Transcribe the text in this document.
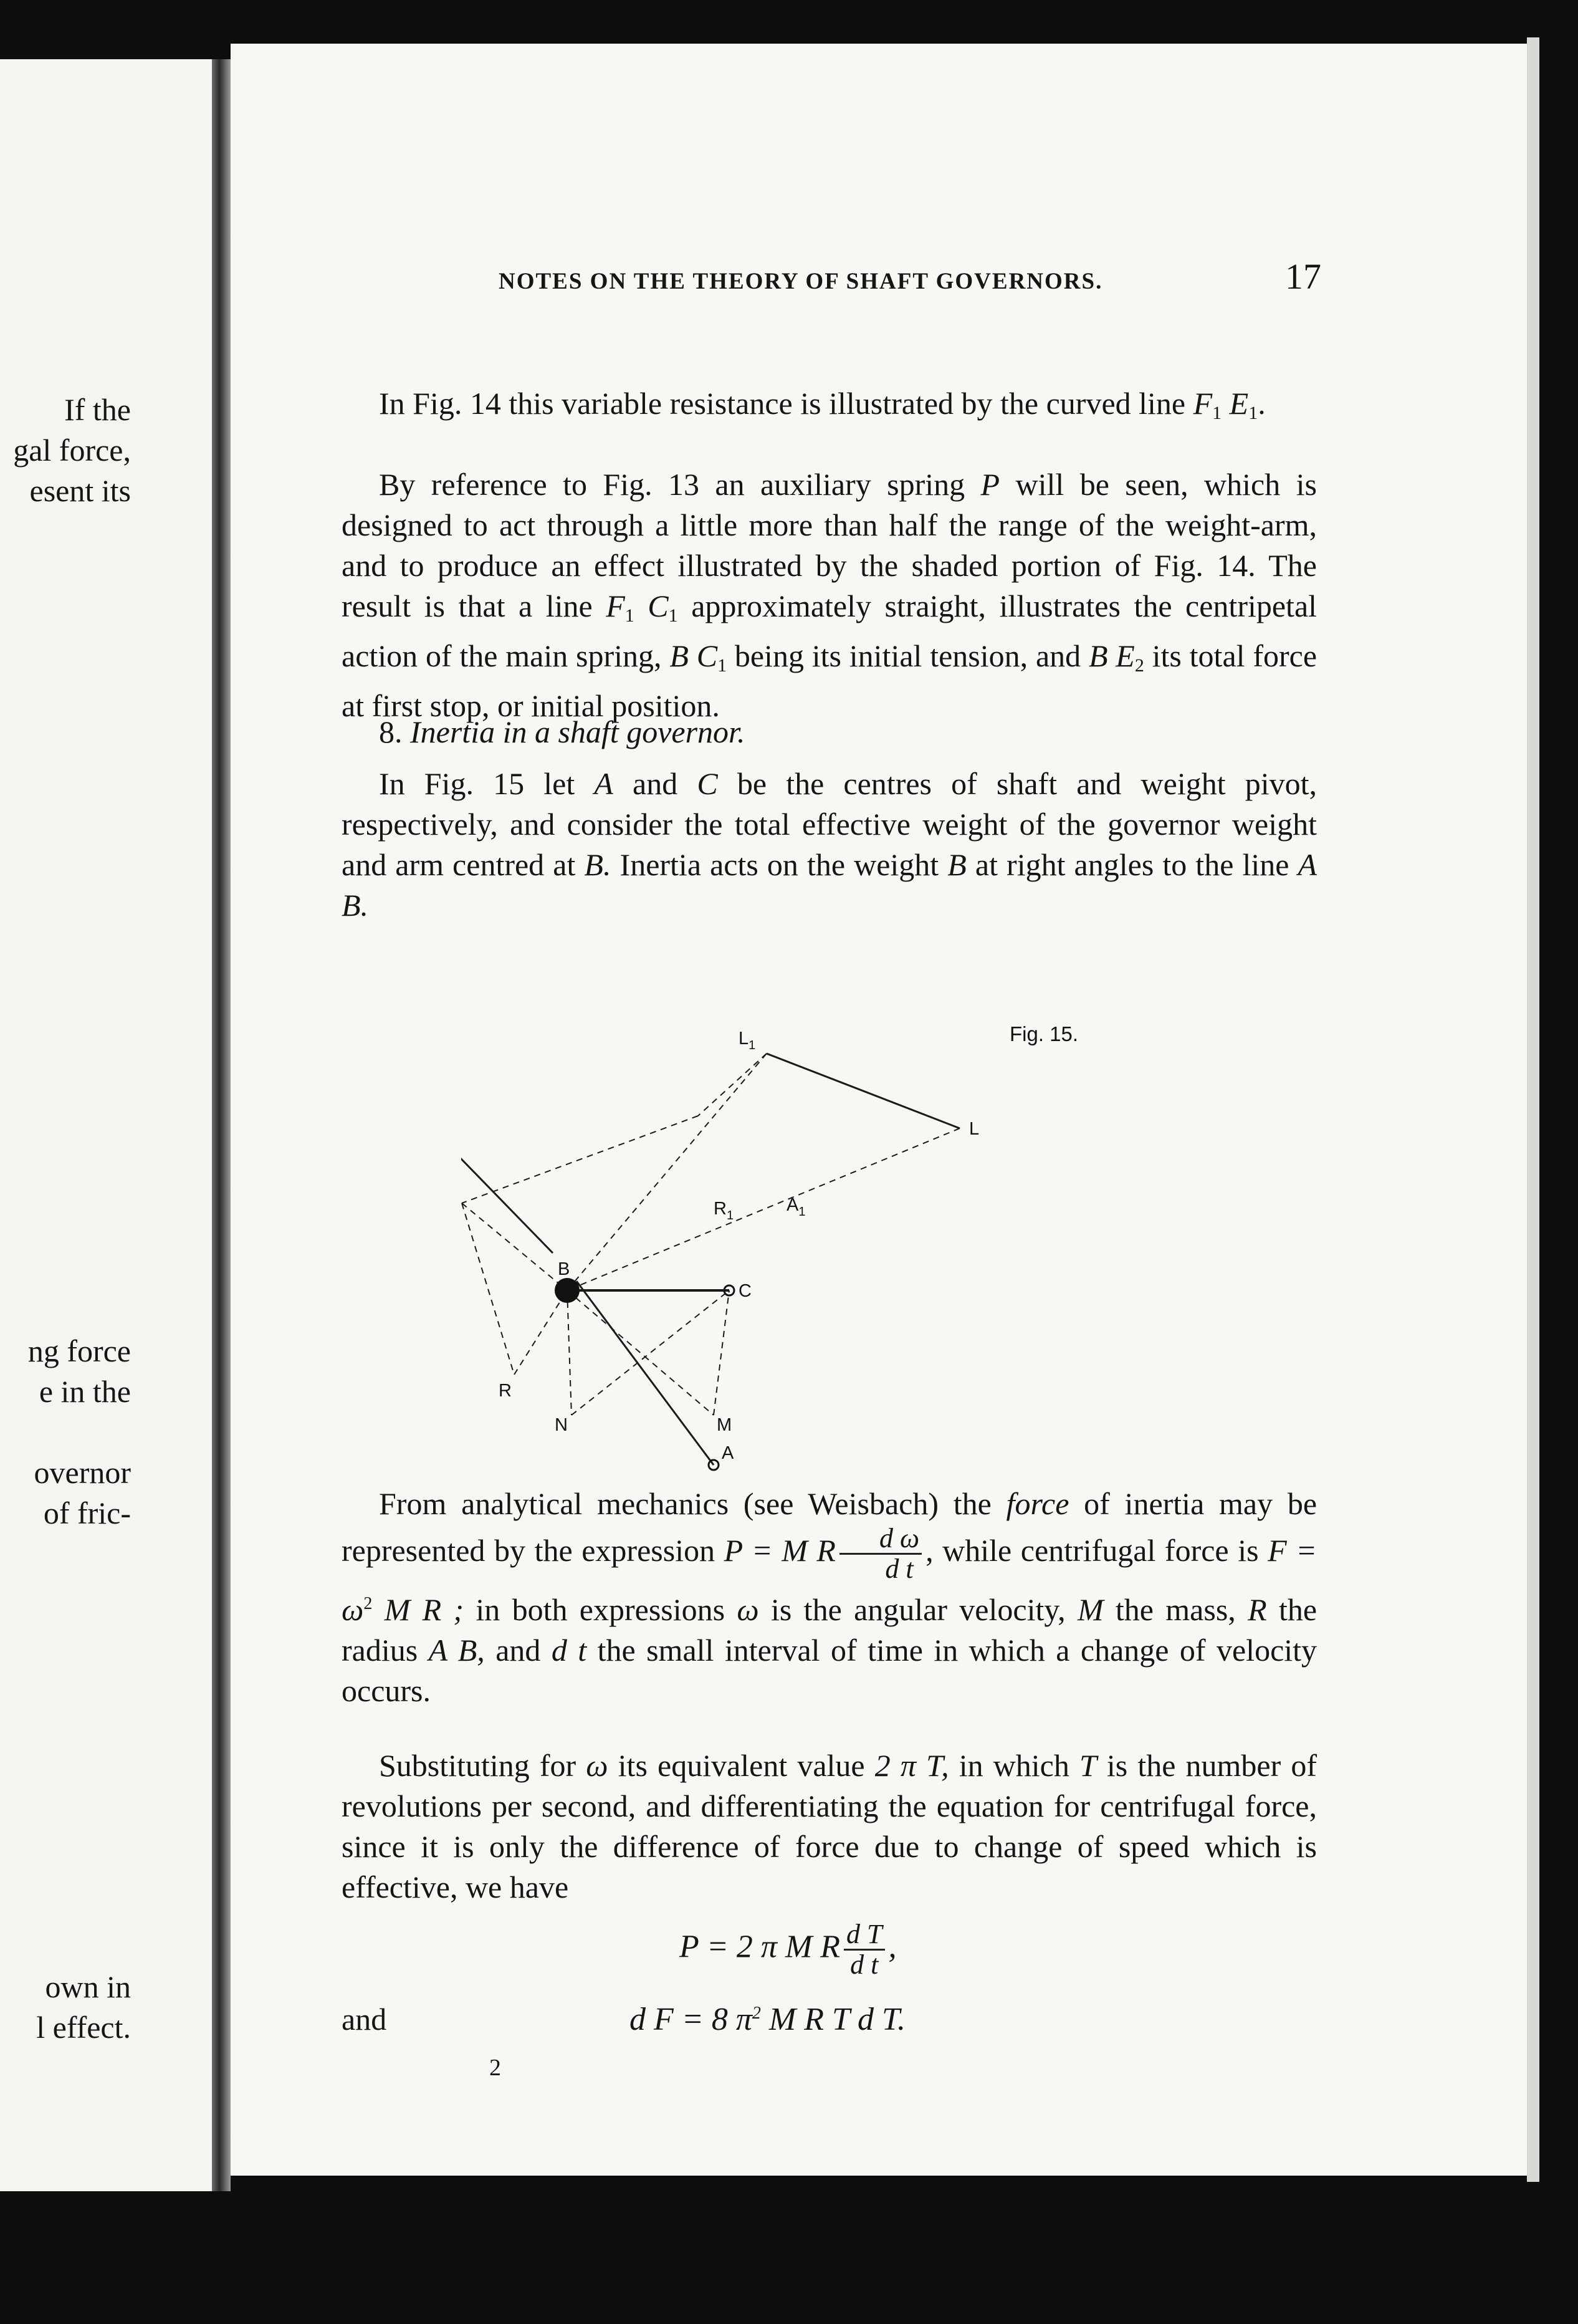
If the
gal force,
esent its
ng force
e in the
overnor
of fric-
own in
l effect.
NOTES ON THE THEORY OF SHAFT GOVERNORS.	17

In Fig. 14 this variable resistance is illustrated by the curved line $F_1$ $E_1$.

By reference to Fig. 13 an auxiliary spring P will be seen, which is designed to act through a little more than half the range of the weight-arm, and to produce an effect illustrated by the shaded portion of Fig. 14. The result is that a line $F_1$ $C_1$ approximately straight, illustrates the centripetal action of the main spring, B $C_1$ being its initial tension, and B $E_2$ its total force at first stop, or initial position.

8. Inertia in a shaft governor.

In Fig. 15 let A and C be the centres of shaft and weight pivot, respectively, and consider the total effective weight of the governor weight and arm centred at B. Inertia acts on the weight B at right angles to the line A B.

From analytical mechanics (see Weisbach) the force of inertia may be represented by the expression P = M R $\frac{\text{d ω}}{\text{d t}}$ , while centrifugal force is $F = \omega^2$ M R ; in both expressions ω is the angular velocity, M the mass, R the radius A B, and d t the small interval of time in which a change of velocity occurs.

Substituting for ω its equivalent value 2 π T, in which T is the number of revolutions per second, and differentiating the equation for centrifugal force, since it is only the difference of force due to change of speed which is effective, we have

P = 2 π M R $\frac{\text{d T}}{\text{d t}}$ ,
and	d F = 8 $\pi^2$ M R T d T.
2
$L_1$
$A_1$
$R_1$
L
B
C
R
N	M
A
Fig. 15.
